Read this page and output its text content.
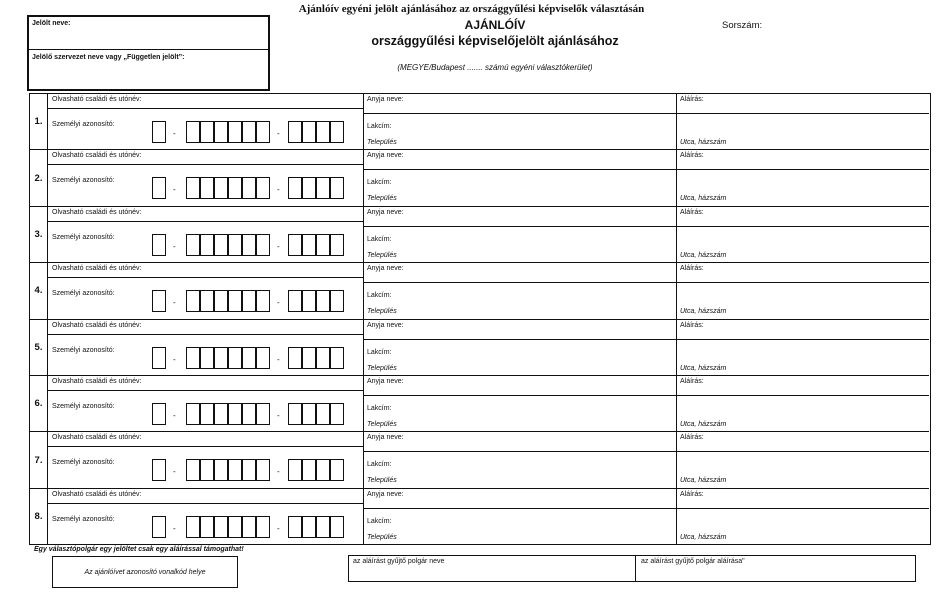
Ajánlóív egyéni jelölt ajánlásához az országgyűlési képviselők választásán
AJÁNLÓÍV
országgyűlési képviselőjelölt ajánlásához
(MEGYE/Budapest ....... számú egyéni választókerület)
Sorszám:
Jelölt neve:
Jelölő szervezet neve vagy „Független jelölt”:
1.
Olvasható családi és utónév:
Személyi azonosító:
-	-
Anyja neve:
Lakcím:
Település	Utca, házszám
Aláírás:
2.
Olvasható családi és utónév:
Személyi azonosító:
-	-
Anyja neve:
Lakcím:
Település	Utca, házszám
Aláírás:
3.
Olvasható családi és utónév:
Személyi azonosító:
-	-
Anyja neve:
Lakcím:
Település	Utca, házszám
Aláírás:
4.
Olvasható családi és utónév:
Személyi azonosító:
-	-
Anyja neve:
Lakcím:
Település	Utca, házszám
Aláírás:
5.
Olvasható családi és utónév:
Személyi azonosító:
-	-
Anyja neve:
Lakcím:
Település	Utca, házszám
Aláírás:
6.
Olvasható családi és utónév:
Személyi azonosító:
-	-
Anyja neve:
Lakcím:
Település	Utca, házszám
Aláírás:
7.
Olvasható családi és utónév:
Személyi azonosító:
-	-
Anyja neve:
Lakcím:
Település	Utca, házszám
Aláírás:
8.
Olvasható családi és utónév:
Személyi azonosító:
-	-
Anyja neve:
Lakcím:
Település	Utca, házszám
Aláírás:
Egy választópolgár egy jelöltet csak egy aláírással támogathat!
Az ajánlóívet azonosító vonalkód helye
az aláírást gyűjtő polgár neve	az aláírást gyűjtő polgár aláírása"
